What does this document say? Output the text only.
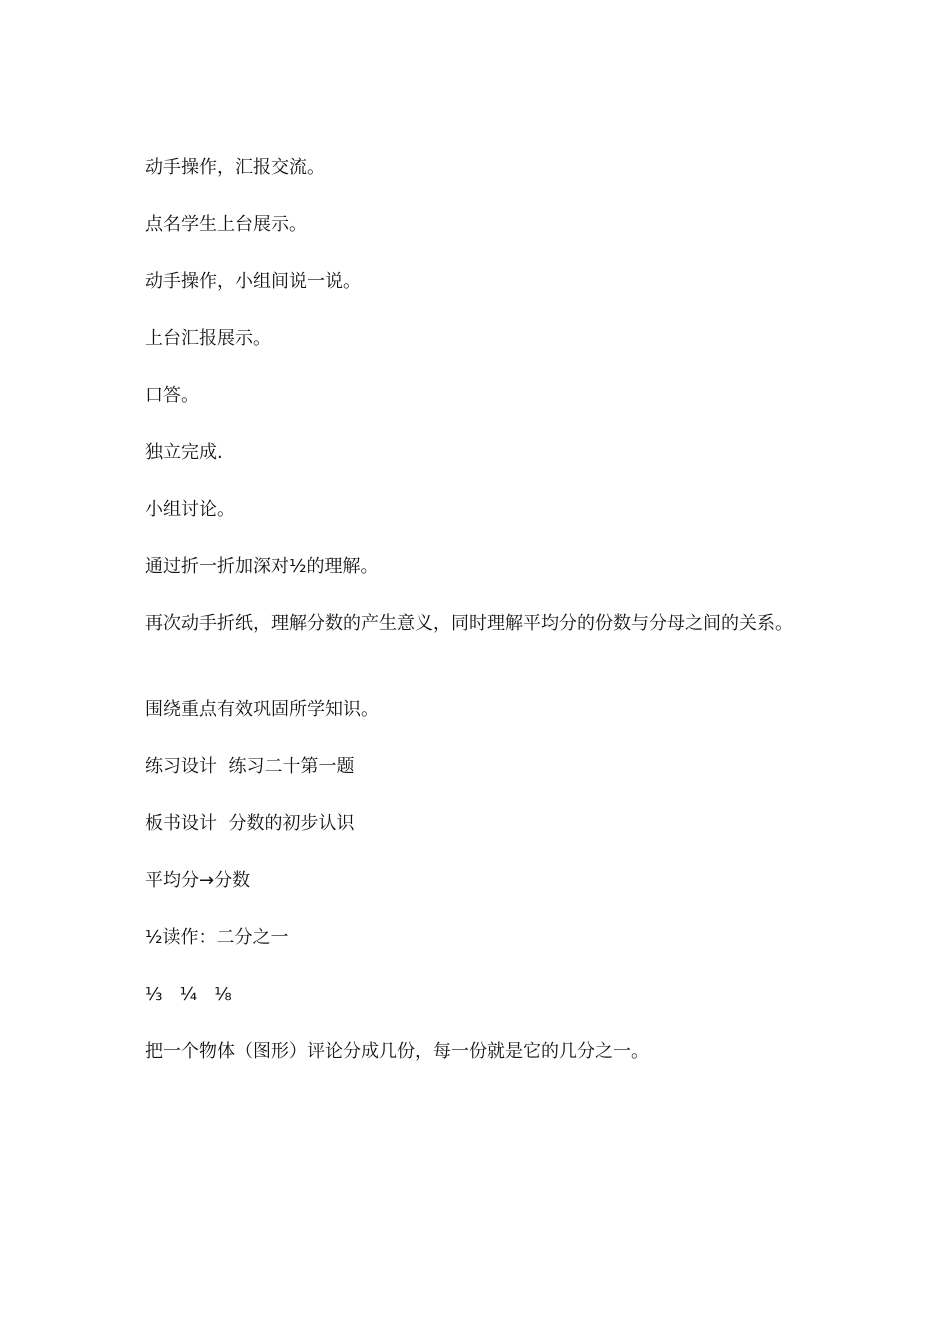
动手操作，汇报交流。

点名学生上台展示。

动手操作，小组间说一说。

上台汇报展示。

口答。

独立完成.

小组讨论。

通过折一折加深对½的理解。

再次动手折纸，理解分数的产生意义，同时理解平均分的份数与分母之间的关系。

围绕重点有效巩固所学知识。

练习设计  练习二十第一题

板书设计  分数的初步认识

平均分→分数

½读作：二分之一

⅓   ¼   ⅛

把一个物体（图形）评论分成几份，每一份就是它的几分之一。
